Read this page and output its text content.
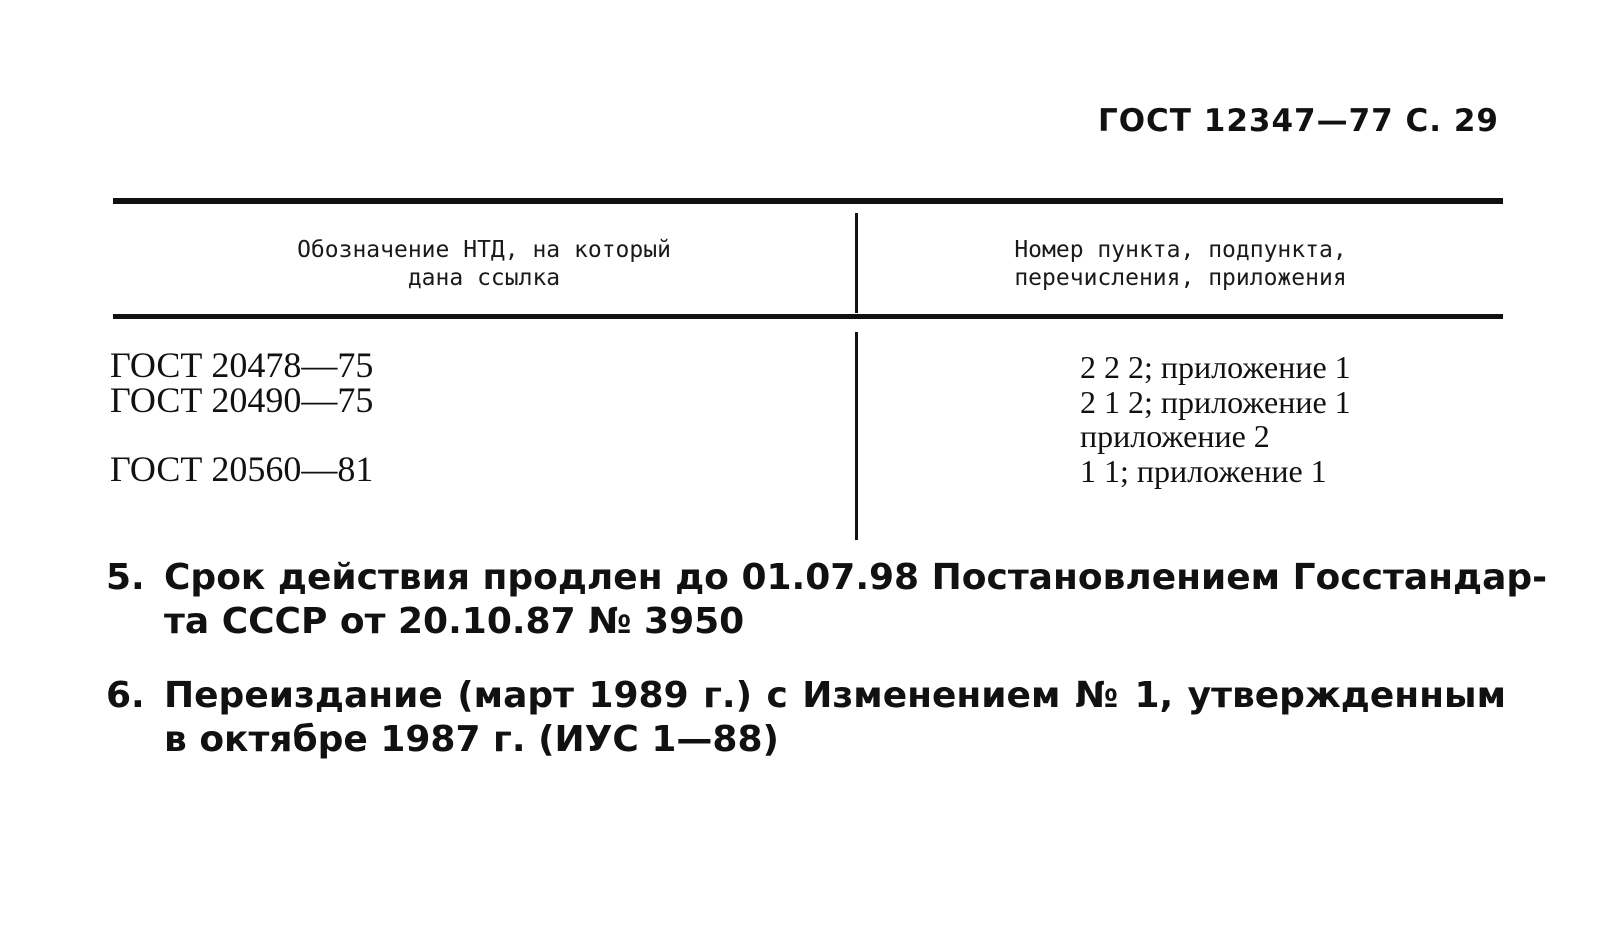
ГОСТ 12347—77 С. 29
Обозначение НТД, на который
дана ссылка
Номер пункта, подпункта,
перечисления, приложения
ГОСТ 20478—75
ГОСТ 20490—75
ГОСТ 20560—81
2 2 2; приложение 1
2 1 2; приложение 1
приложение 2
1 1; приложение 1
5. Срок действия продлен до 01.07.98 Постановлением Госстандар-
та СССР от 20.10.87 № 3950
6. Переиздание (март 1989 г.) с Изменением № 1, утвержденным
в октябре 1987 г. (ИУС 1—88)
